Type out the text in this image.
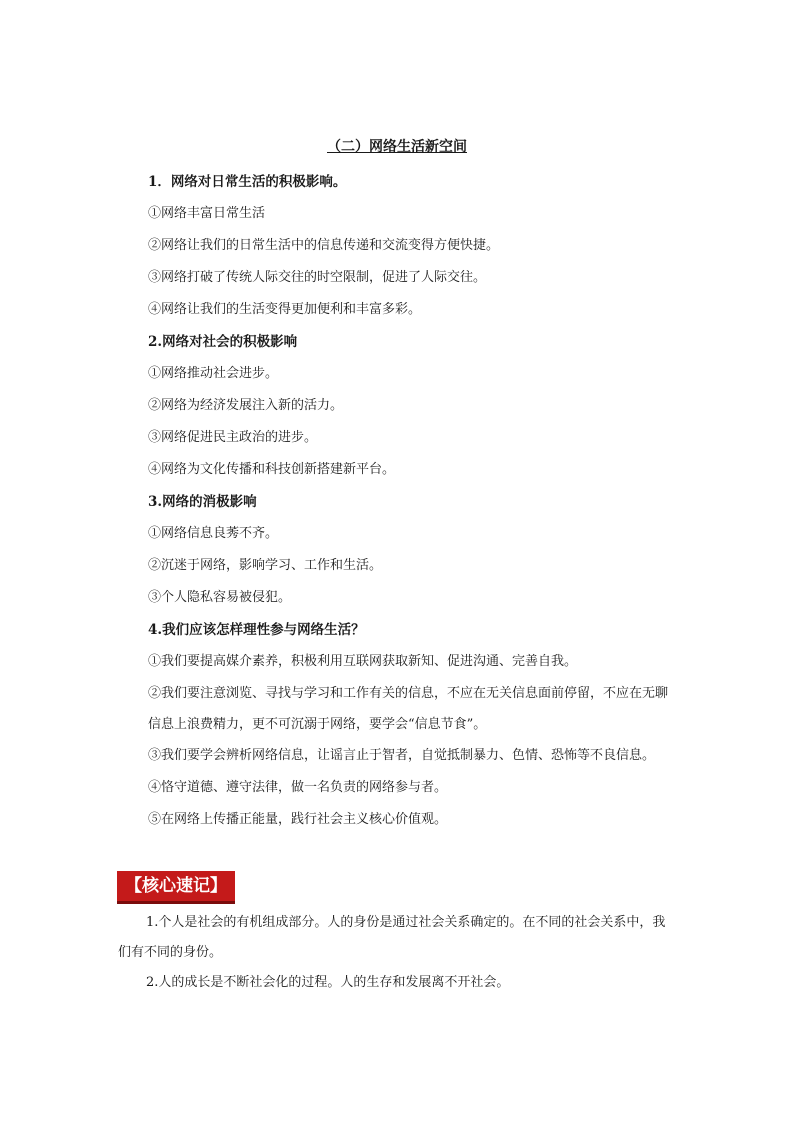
（二）网络生活新空间
1．网络对日常生活的积极影响。
①网络丰富日常生活
②网络让我们的日常生活中的信息传递和交流变得方便快捷。
③网络打破了传统人际交往的时空限制，促进了人际交往。
④网络让我们的生活变得更加便利和丰富多彩。
2.网络对社会的积极影响
①网络推动社会进步。
②网络为经济发展注入新的活力。
③网络促进民主政治的进步。
④网络为文化传播和科技创新搭建新平台。
3.网络的消极影响
①网络信息良莠不齐。
②沉迷于网络，影响学习、工作和生活。
③个人隐私容易被侵犯。
4.我们应该怎样理性参与网络生活？
①我们要提高媒介素养，积极利用互联网获取新知、促进沟通、完善自我。
②我们要注意浏览、寻找与学习和工作有关的信息，不应在无关信息面前停留，不应在无聊信息上浪费精力，更不可沉溺于网络，要学会“信息节食”。
③我们要学会辨析网络信息，让谣言止于智者，自觉抵制暴力、色情、恐怖等不良信息。
④恪守道德、遵守法律，做一名负责的网络参与者。
⑤在网络上传播正能量，践行社会主义核心价值观。
【核心速记】

1.个人是社会的有机组成部分。人的身份是通过社会关系确定的。在不同的社会关系中，我们有不同的身份。

2.人的成长是不断社会化的过程。人的生存和发展离不开社会。
